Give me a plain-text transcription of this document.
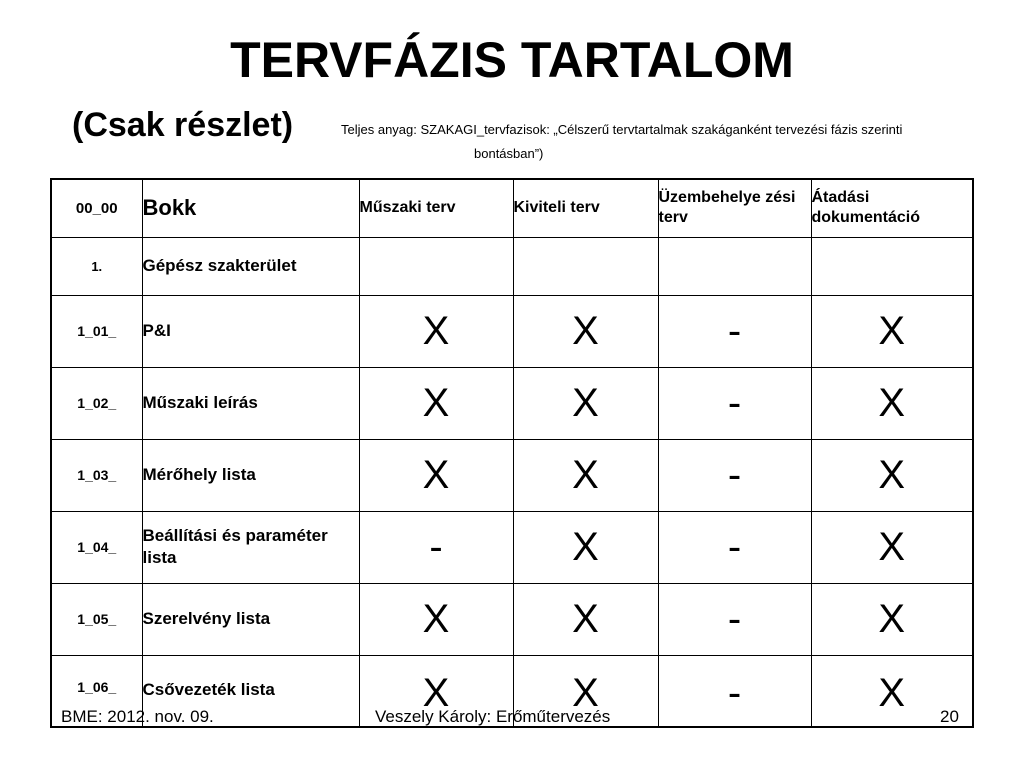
TERVFÁZIS TARTALOM
(Csak részlet)	Teljes anyag: SZAKAGI_tervfazisok: „Célszerű tervtartalmak szakáganként tervezési fázis szerinti
bontásban”)
00_00	Bokk	Műszaki terv	Kiviteli terv	Üzembehelye zési terv	Átadási dokumentáció
1.	Gépész szakterület				
1_01_	P&I	X	X	-	X
1_02_	Műszaki leírás	X	X	-	X
1_03_	Mérőhely lista	X	X	-	X
1_04_	Beállítási és paraméter lista	-	X	-	X
1_05_	Szerelvény lista	X	X	-	X
1_06_	Csővezeték lista	X	X	-	X
BME: 2012. nov. 09.	Veszely Károly: Erőműtervezés	20
